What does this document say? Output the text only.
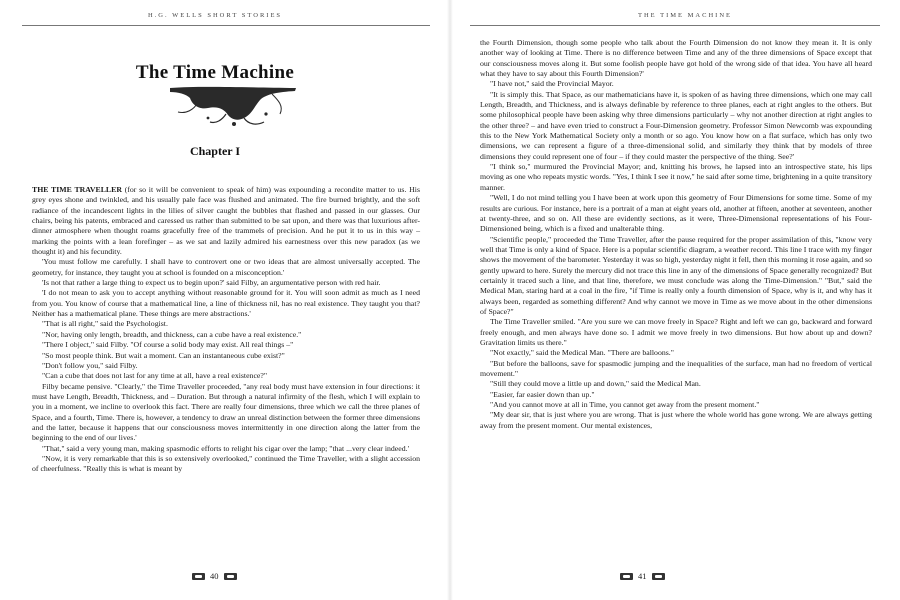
H.G. WELLS SHORT STORIES
The Time Machine
Chapter I

THE TIME TRAVELLER (for so it will be convenient to speak of him) was expounding a recondite matter to us. His grey eyes shone and twinkled, and his usually pale face was flushed and animated. The fire burned brightly, and the soft radiance of the incandescent lights in the lilies of silver caught the bubbles that flashed and passed in our glasses. Our chairs, being his patents, embraced and caressed us rather than submitted to be sat upon, and there was that luxurious after-dinner atmosphere when thought roams gracefully free of the trammels of precision. And he put it to us in this way – marking the points with a lean forefinger – as we sat and lazily admired his earnestness over this new paradox (as we thought it) and his fecundity.

'You must follow me carefully. I shall have to controvert one or two ideas that are almost universally accepted. The geometry, for instance, they taught you at school is founded on a misconception.'

'Is not that rather a large thing to expect us to begin upon?' said Filby, an argumentative person with red hair.

'I do not mean to ask you to accept anything without reasonable ground for it. You will soon admit as much as I need from you. You know of course that a mathematical line, a line of thickness nil, has no real existence. They taught you that? Neither has a mathematical plane. These things are mere abstractions.'

"That is all right," said the Psychologist.

"Nor, having only length, breadth, and thickness, can a cube have a real existence."

"There I object," said Filby. "Of course a solid body may exist. All real things –"

"So most people think. But wait a moment. Can an instantaneous cube exist?"

"Don't follow you," said Filby.

"Can a cube that does not last for any time at all, have a real existence?"

Filby became pensive. "Clearly," the Time Traveller proceeded, "any real body must have extension in four directions: it must have Length, Breadth, Thickness, and – Duration. But through a natural infirmity of the flesh, which I will explain to you in a moment, we incline to overlook this fact. There are really four dimensions, three which we call the three planes of Space, and a fourth, Time. There is, however, a tendency to draw an unreal distinction between the former three dimensions and the latter, because it happens that our consciousness moves intermittently in one direction along the latter from the beginning to the end of our lives.'

"That," said a very young man, making spasmodic efforts to relight his cigar over the lamp; "that ...very clear indeed.'

"Now, it is very remarkable that this is so extensively overlooked," continued the Time Traveller, with a slight accession of cheerfulness. "Really this is what is meant by

40
THE TIME MACHINE

the Fourth Dimension, though some people who talk about the Fourth Dimension do not know they mean it. It is only another way of looking at Time. There is no difference between Time and any of the three dimensions of Space except that our consciousness moves along it. But some foolish people have got hold of the wrong side of that idea. You have all heard what they have to say about this Fourth Dimension?'

"I have not," said the Provincial Mayor.

"It is simply this. That Space, as our mathematicians have it, is spoken of as having three dimensions, which one may call Length, Breadth, and Thickness, and is always definable by reference to three planes, each at right angles to the others. But some philosophical people have been asking why three dimensions particularly – why not another direction at right angles to the other three? – and have even tried to construct a Four-Dimension geometry. Professor Simon Newcomb was expounding this to the New York Mathematical Society only a month or so ago. You know how on a flat surface, which has only two dimensions, we can represent a figure of a three-dimensional solid, and similarly they think that by models of three dimensions they could represent one of four – if they could master the perspective of the thing. See?'

"I think so," murmured the Provincial Mayor; and, knitting his brows, he lapsed into an introspective state, his lips moving as one who repeats mystic words. "Yes, I think I see it now," he said after some time, brightening in a quite transitory manner.

"Well, I do not mind telling you I have been at work upon this geometry of Four Dimensions for some time. Some of my results are curious. For instance, here is a portrait of a man at eight years old, another at fifteen, another at seventeen, another at twenty-three, and so on. All these are evidently sections, as it were, Three-Dimensional representations of his Four-Dimensioned being, which is a fixed and unalterable thing.

"Scientific people," proceeded the Time Traveller, after the pause required for the proper assimilation of this, "know very well that Time is only a kind of Space. Here is a popular scientific diagram, a weather record. This line I trace with my finger shows the movement of the barometer. Yesterday it was so high, yesterday night it fell, then this morning it rose again, and so gently upward to here. Surely the mercury did not trace this line in any of the dimensions of Space generally recognized? But certainly it traced such a line, and that line, therefore, we must conclude was along the Time-Dimension." "But," said the Medical Man, staring hard at a coal in the fire, "if Time is really only a fourth dimension of Space, why is it, and why has it always been, regarded as something different? And why cannot we move in Time as we move about in the other dimensions of Space?"

The Time Traveller smiled. "Are you sure we can move freely in Space? Right and left we can go, backward and forward freely enough, and men always have done so. I admit we move freely in two dimensions. But how about up and down? Gravitation limits us there."

"Not exactly," said the Medical Man. "There are balloons."

"But before the balloons, save for spasmodic jumping and the inequalities of the surface, man had no freedom of vertical movement."

"Still they could move a little up and down," said the Medical Man.

"Easier, far easier down than up."

"And you cannot move at all in Time, you cannot get away from the present moment."

"My dear sir, that is just where you are wrong. That is just where the whole world has gone wrong. We are always getting away from the present moment. Our mental existences,

41
